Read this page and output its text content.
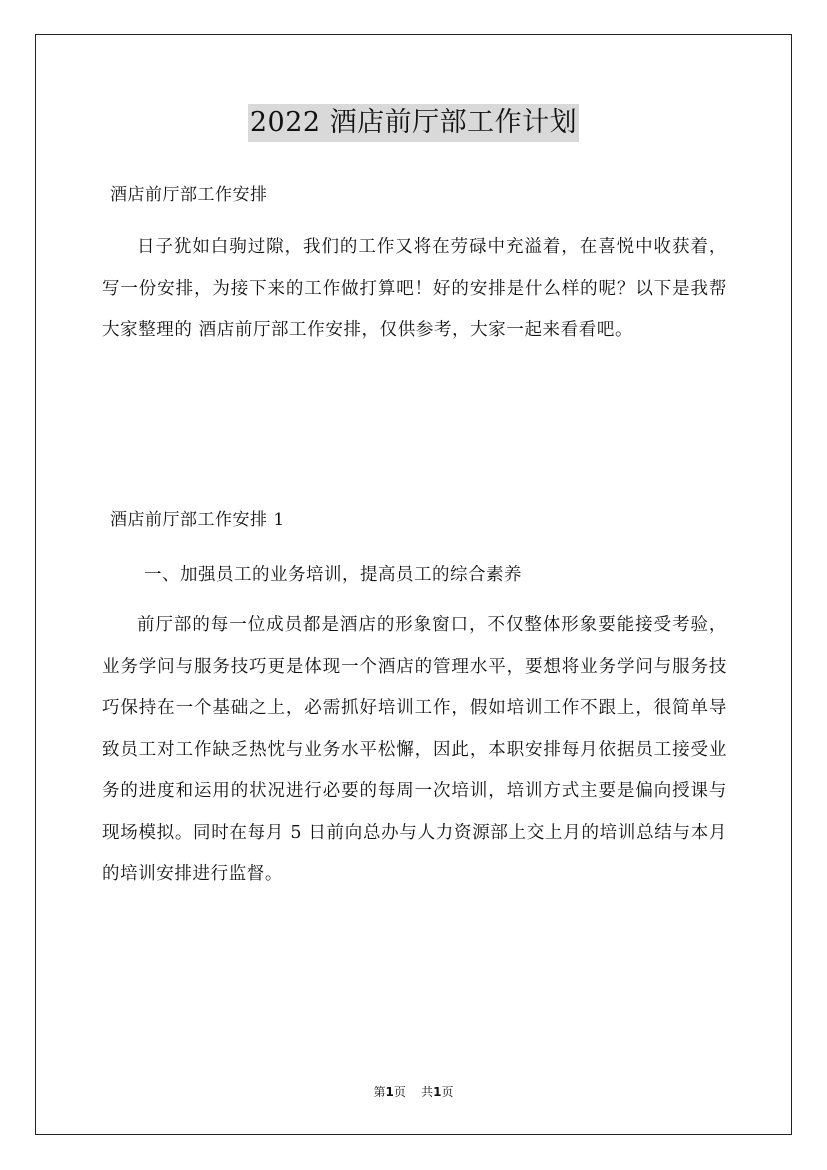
2022 酒店前厅部工作计划
酒店前厅部工作安排

日子犹如白驹过隙，我们的工作又将在劳碌中充溢着，在喜悦中收获着，写一份安排，为接下来的工作做打算吧！好的安排是什么样的呢？以下是我帮大家整理的 酒店前厅部工作安排，仅供参考，大家一起来看看吧。

酒店前厅部工作安排 1
一、加强员工的业务培训，提高员工的综合素养

前厅部的每一位成员都是酒店的形象窗口，不仅整体形象要能接受考验，业务学问与服务技巧更是体现一个酒店的管理水平，要想将业务学问与服务技巧保持在一个基础之上，必需抓好培训工作，假如培训工作不跟上，很简单导致员工对工作缺乏热忱与业务水平松懈，因此，本职安排每月依据员工接受业务的进度和运用的状况进行必要的每周一次培训，培训方式主要是偏向授课与现场模拟。同时在每月 5 日前向总办与人力资源部上交上月的培训总结与本月的培训安排进行监督。

第1页 共1页
